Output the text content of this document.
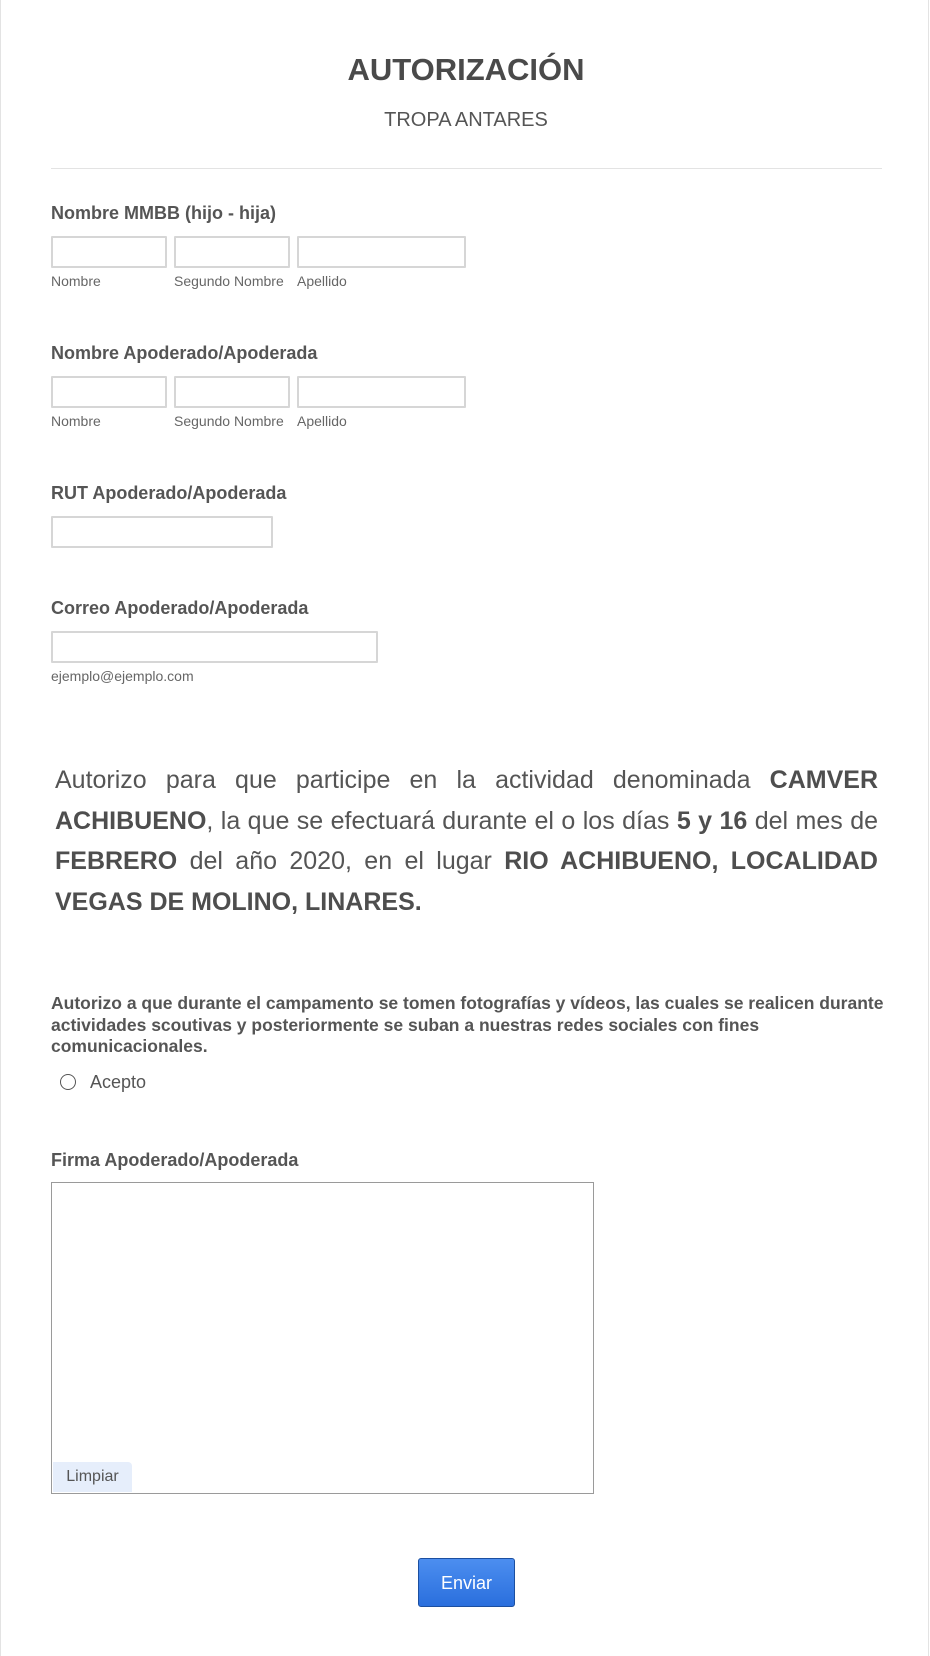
AUTORIZACIÓN
TROPA ANTARES
Nombre MMBB (hijo - hija)
Nombre	Segundo Nombre Apellido
Nombre Apoderado/Apoderada
Nombre	Segundo Nombre Apellido
RUT Apoderado/Apoderada
Correo Apoderado/Apoderada
ejemplo@ejemplo.com
Autorizo para que participe en la actividad denominada CAMVER ACHIBUENO, la que se efectuará durante el o los días 5 y 16 del mes de FEBRERO del año 2020, en el lugar RIO ACHIBUENO, LOCALIDAD VEGAS DE MOLINO, LINARES.
Autorizo a que durante el campamento se tomen fotografías y vídeos, las cuales se realicen durante actividades scoutivas y posteriormente se suban a nuestras redes sociales con fines comunicacionales.
Acepto
Firma Apoderado/Apoderada
Limpiar
Enviar
